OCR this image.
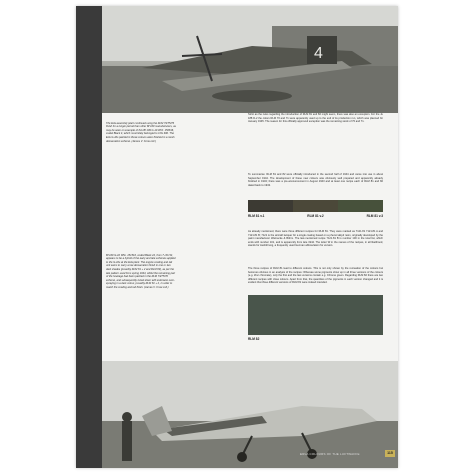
4

The Erla assembly plant continued using the RLM 74/75/76 finish for a longer period than other Bf 109 manufacturers, as may be seen on example of this Bf 109 G-10 WNr. 150816, coded Black 4, which most likely belonged to I/JG 300. The Erla G-10s painted in these colours were finished in a mesh demarcation scheme. (James V. Crow coll.)

Bf 109 G-10 WNr. 151516, coded Black 22, from 7./JG 52, appears to be a hybrid of the early and late schemes applied to the G-10s at the Erla plant. The engine cowling and tail unit seem to carry a low demarcation finish in one or two dark shades (possibly RLM 81 + 2 and RLM 83), as per the late pattern used from spring 1944, whilst the remaining part of the fuselage had been painted in the RLM 74/75/76 scheme, and subsequently toned down with extensive over-spraying in a dark colour, possibly RLM 81 + 2, in order to match the cowling and tail finish. (James V. Crow coll.)

Strict as the rules regarding the introduction of RLM 81 and 82 might seem, there was also an exception. For the Ju 188 D-2 the colors RLM 70 and 71 were apparently used up to the end of its production run, which was planned for January 1945. The reason for this officially approved exception was the remaining stock of 70 and 71.

To summarise: RLM 81 and 82 were officially introduced in the second half of 1944 and came into use in about September 1944. The development of these new colours was obviously well prepared and apparently already finished in 1943; there was a pre-announcement in August 1943 and at least one recipe each of RLM 81 and 82 dated back to 1943.

RLM 81 v.1	RLM 81 v.2	RLM 81 v.3

As already mentioned, there were three different recipes for RLM 81. They were marked as 7121.81 7121.81 A and 7121.81 B; 7121 is the aircraft lacquer for a single coating based on a phenol alkyd resin, originally developed by the paint manufacturer Warnecke & Böhm. The last-mentioned recipe 7121.81 B is number 100 in the total list, which ends with number 101, and is apparently from late 1944. The letter W in the names of the recipes, in all likelihood, stands for Ausführung, a frequently used German abbreviation for version.

The three recipes of RLM 81 lead to different colours. This is not only shown by the recreation of the colours but becomes obvious in an analysis of the recipes: Whereas some pigments show up in all three versions of the colours (e.g. Zinc chromate), only the first and the last versions contain e.g. Chrome green. Regarding RLM 82 there are two different recipes with close colours. Apart from that, the quantities of the pigments in each version changed and it is evident that three different versions of RLM 81 were indeed intended.

RLM 82
ERLA COLOURS OF THE LUFTWAFFE	115
